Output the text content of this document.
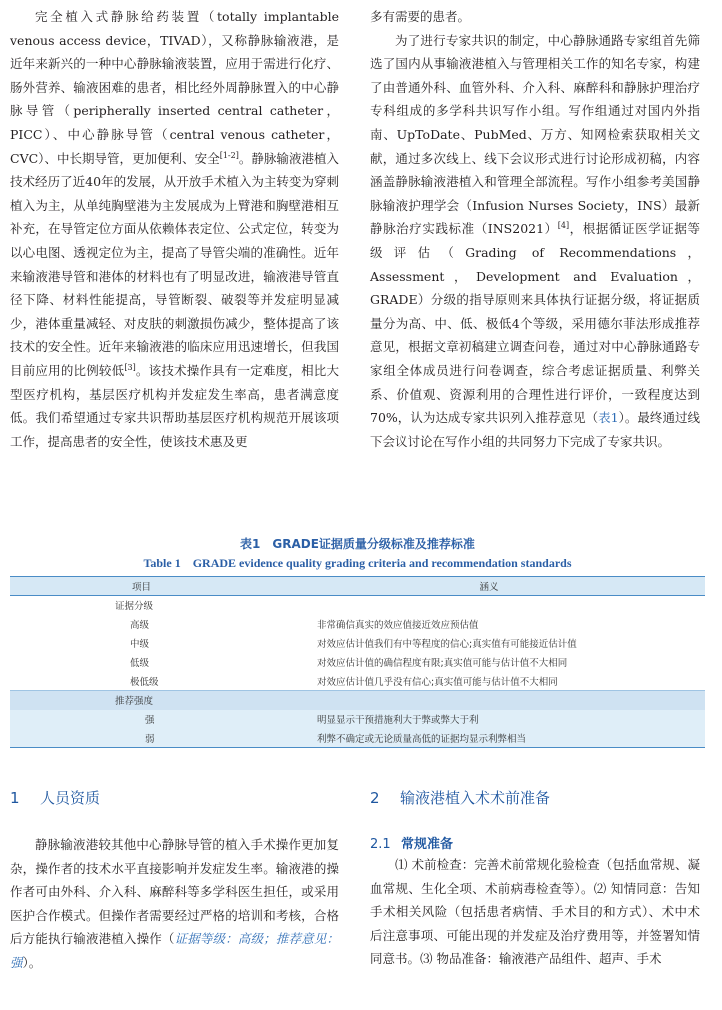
完全植入式静脉给药装置（totally implantable venous access device，TIVAD），又称静脉输液港，是近年来新兴的一种中心静脉输液装置，应用于需进行化疗、肠外营养、输液困难的患者，相比经外周静脉置入的中心静脉导管（peripherally inserted central catheter，PICC）、中心静脉导管（central venous catheter，CVC）、中长期导管，更加便利、安全[1-2]。静脉输液港植入技术经历了近40年的发展，从开放手术植入为主转变为穿刺植入为主，从单纯胸壁港为主发展成为上臂港和胸壁港相互补充，在导管定位方面从依赖体表定位、公式定位，转变为以心电图、透视定位为主，提高了导管尖端的准确性。近年来输液港导管和港体的材料也有了明显改进，输液港导管直径下降、材料性能提高，导管断裂、破裂等并发症明显减少，港体重量减轻、对皮肤的刺激损伤减少，整体提高了该技术的安全性。近年来输液港的临床应用迅速增长，但我国目前应用的比例较低[3]。该技术操作具有一定难度，相比大型医疗机构，基层医疗机构并发症发生率高，患者满意度低。我们希望通过专家共识帮助基层医疗机构规范开展该项工作，提高患者的安全性，使该技术惠及更

多有需要的患者。

为了进行专家共识的制定，中心静脉通路专家组首先筛选了国内从事输液港植入与管理相关工作的知名专家，构建了由普通外科、血管外科、介入科、麻醉科和静脉护理治疗专科组成的多学科共识写作小组。写作组通过对国内外指南、UpToDate、PubMed、万方、知网检索获取相关文献，通过多次线上、线下会议形式进行讨论形成初稿，内容涵盖静脉输液港植入和管理全部流程。写作小组参考美国静脉输液护理学会（Infusion Nurses Society，INS）最新静脉治疗实践标准（INS2021）[4]，根据循证医学证据等级评估（Grading of Recommendations，Assessment，Development and Evaluation，GRADE）分级的指导原则来具体执行证据分级，将证据质量分为高、中、低、极低4个等级，采用德尔菲法形成推荐意见，根据文章初稿建立调查问卷，通过对中心静脉通路专家组全体成员进行问卷调查，综合考虑证据质量、利弊关系、价值观、资源利用的合理性进行评价，一致程度达到70%，认为达成专家共识列入推荐意见（表1）。最终通过线下会议讨论在写作小组的共同努力下完成了专家共识。

表1　GRADE证据质量分级标准及推荐标准
Table 1　GRADE evidence quality grading criteria and recommendation standards
项目	涵义
证据分级	
高级	非常确信真实的效应值接近效应预估值
中级	对效应估计值我们有中等程度的信心;真实值有可能接近估计值
低级	对效应估计值的确信程度有限;真实值可能与估计值不大相同
极低级	对效应估计值几乎没有信心;真实值可能与估计值不大相同
推荐强度	
强	明显显示干预措施利大于弊或弊大于利
弱	利弊不确定或无论质量高低的证据均显示利弊相当
1 人员资质	2 输液港植入术术前准备
2.1 常规准备

静脉输液港较其他中心静脉导管的植入手术操作更加复杂，操作者的技术水平直接影响并发症发生率。输液港的操作者可由外科、介入科、麻醉科等多学科医生担任，或采用医护合作模式。但操作者需要经过严格的培训和考核，合格后方能执行输液港植入操作（证据等级：高级；推荐意见：强）。

⑴ 术前检查：完善术前常规化验检查（包括血常规、凝血常规、生化全项、术前病毒检查等）。⑵ 知情同意：告知手术相关风险（包括患者病情、手术目的和方式）、术中术后注意事项、可能出现的并发症及治疗费用等，并签署知情同意书。⑶ 物品准备：输液港产品组件、超声、手术
